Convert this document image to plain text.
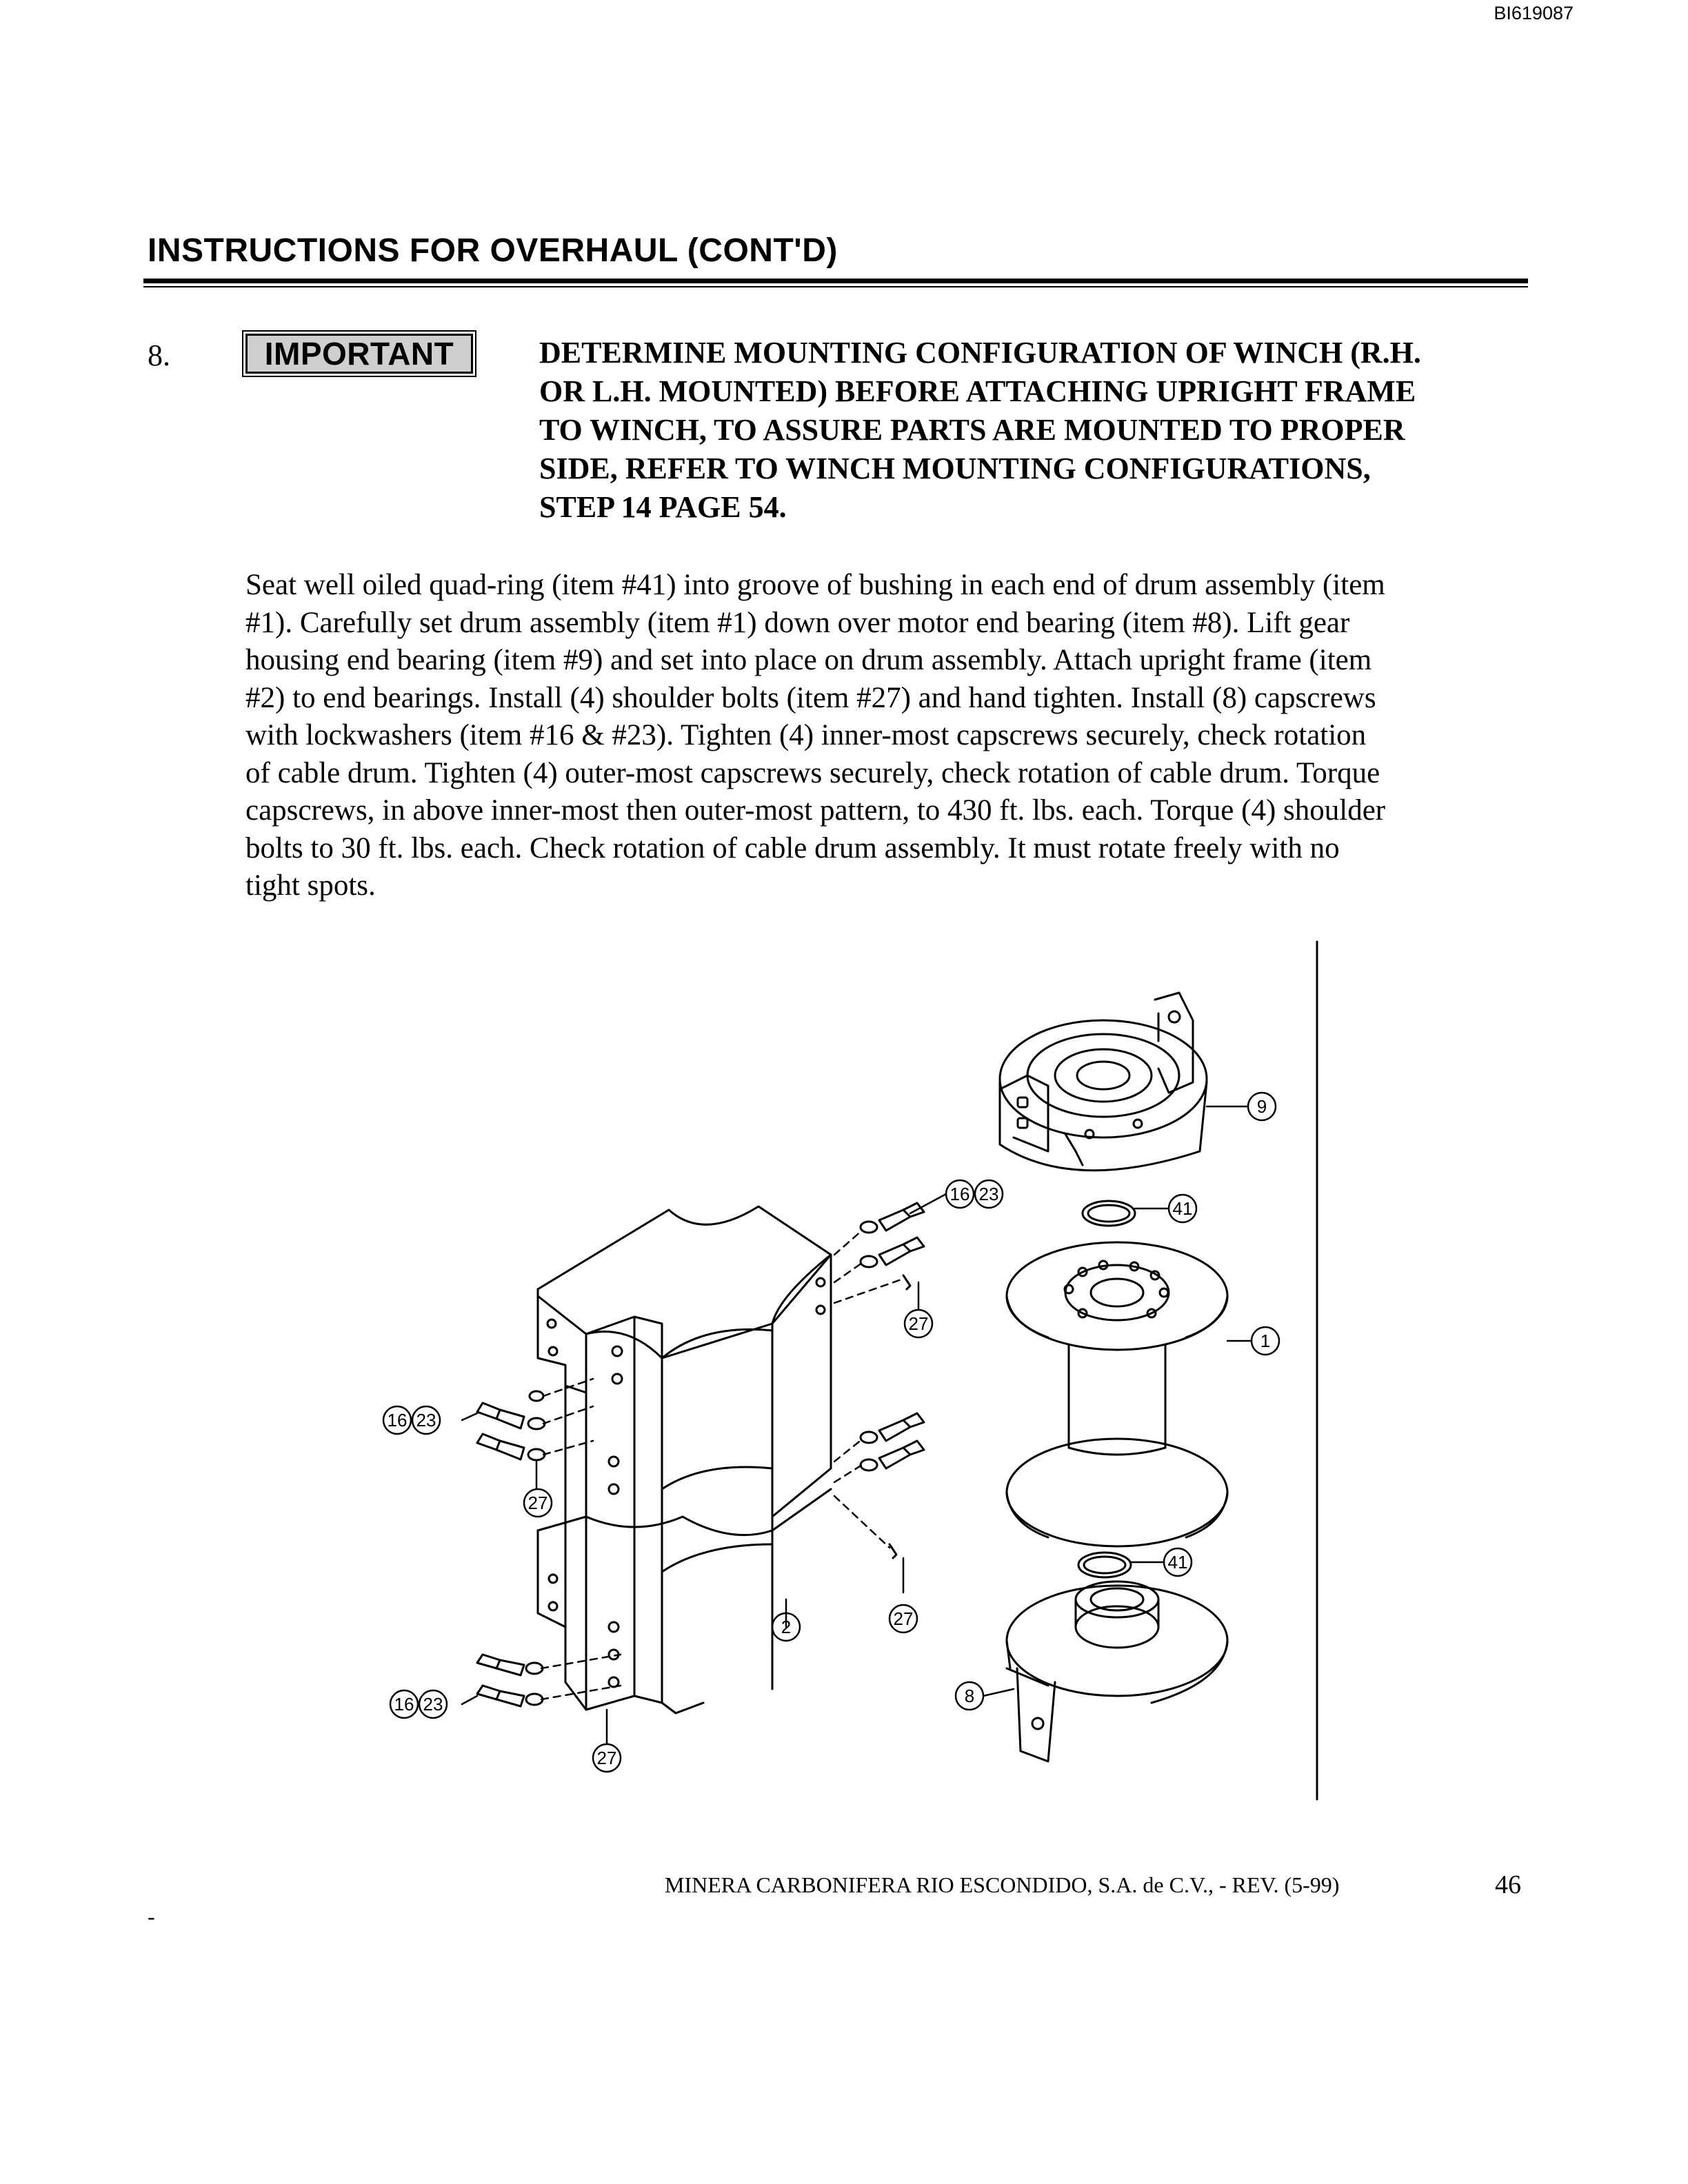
BI619087
INSTRUCTIONS FOR OVERHAUL (CONT'D)
8.	IMPORTANT	DETERMINE MOUNTING CONFIGURATION OF WINCH (R.H.
OR L.H. MOUNTED) BEFORE ATTACHING UPRIGHT FRAME
TO WINCH, TO ASSURE PARTS ARE MOUNTED TO PROPER
SIDE, REFER TO WINCH MOUNTING CONFIGURATIONS,
STEP 14 PAGE 54.
Seat well oiled quad-ring (item #41) into groove of bushing in each end of drum assembly (item
#1). Carefully set drum assembly (item #1) down over motor end bearing (item #8). Lift gear
housing end bearing (item #9) and set into place on drum assembly. Attach upright frame (item
#2) to end bearings. Install (4) shoulder bolts (item #27) and hand tighten. Install (8) capscrews
with lockwashers (item #16 & #23). Tighten (4) inner-most capscrews securely, check rotation
of cable drum. Tighten (4) outer-most capscrews securely, check rotation of cable drum. Torque
capscrews, in above inner-most then outer-most pattern, to 430 ft. lbs. each. Torque (4) shoulder
bolts to 30 ft. lbs. each. Check rotation of cable drum assembly. It must rotate freely with no
tight spots.
9
41
1
41
8
2
27
27
27
27
16 23
16 23
16 23
MINERA CARBONIFERA RIO ESCONDIDO, S.A. de C.V., - REV. (5-99)	46
-
